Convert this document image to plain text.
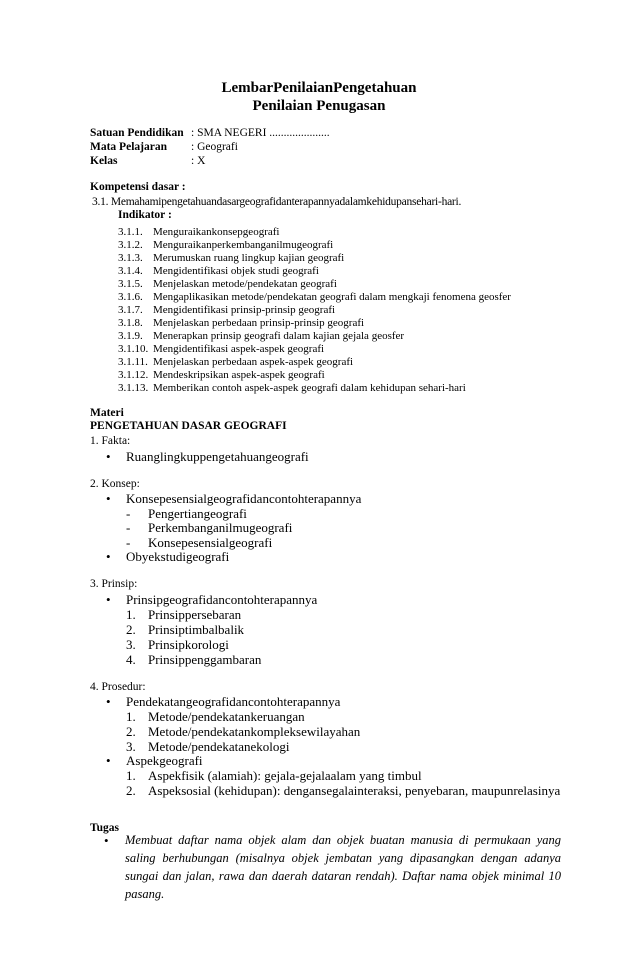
LembarPenilaianPengetahuan
Penilaian Penugasan
Satuan Pendidikan : SMA NEGERI .....................
Mata Pelajaran : Geografi
Kelas	: X
Kompetensi dasar :
3.1. Memahamipengetahuandasargeografidanterapannyadalamkehidupansehari-hari.
Indikator :
3.1.1. Menguraikankonsepgeografi
3.1.2. Menguraikanperkembanganilmugeografi
3.1.3. Merumuskan ruang lingkup kajian geografi
3.1.4. Mengidentifikasi objek studi geografi
3.1.5. Menjelaskan metode/pendekatan geografi
3.1.6. Mengaplikasikan metode/pendekatan geografi dalam mengkaji fenomena geosfer
3.1.7. Mengidentifikasi prinsip-prinsip geografi
3.1.8. Menjelaskan perbedaan prinsip-prinsip geografi
3.1.9. Menerapkan prinsip geografi dalam kajian gejala geosfer
3.1.10. Mengidentifikasi aspek-aspek geografi
3.1.11. Menjelaskan perbedaan aspek-aspek geografi
3.1.12. Mendeskripsikan aspek-aspek geografi
3.1.13. Memberikan contoh aspek-aspek geografi dalam kehidupan sehari-hari
Materi
PENGETAHUAN DASAR GEOGRAFI
1. Fakta:
• Ruanglingkuppengetahuangeografi
2. Konsep:
• Konsepesensialgeografidancontohterapannya
- Pengertiangeografi
- Perkembanganilmugeografi
- Konsepesensialgeografi
• Obyekstudigeografi
3. Prinsip:
• Prinsipgeografidancontohterapannya
1. Prinsippersebaran
2. Prinsiptimbalbalik
3. Prinsipkorologi
4. Prinsippenggambaran
4. Prosedur:
• Pendekatangeografidancontohterapannya
1. Metode/pendekatankeruangan
2. Metode/pendekatankompleksewilayahan
3. Metode/pendekatanekologi
• Aspekgeografi
1. Aspekfisik (alamiah): gejala-gejalaalam yang timbul
2. Aspeksosial (kehidupan): dengansegalainteraksi, penyebaran, maupunrelasinya
Tugas
• Membuat daftar nama objek alam dan objek buatan manusia di permukaan yang saling berhubungan (misalnya objek jembatan yang dipasangkan dengan adanya sungai dan jalan, rawa dan daerah dataran rendah). Daftar nama objek minimal 10 pasang.
